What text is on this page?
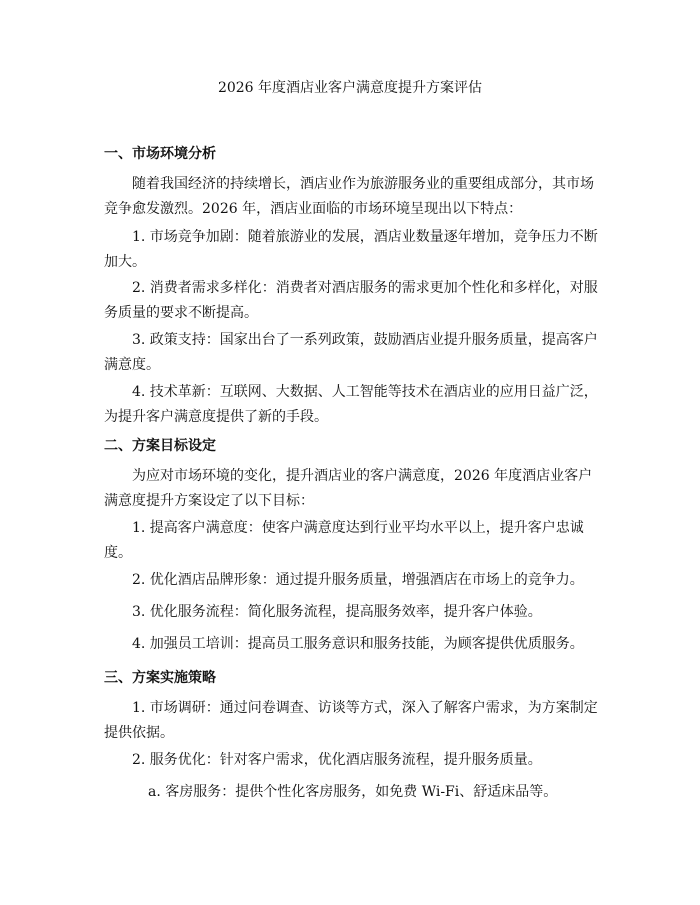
2026 年度酒店业客户满意度提升方案评估
一、市场环境分析

随着我国经济的持续增长，酒店业作为旅游服务业的重要组成部分，其市场竞争愈发激烈。2026 年，酒店业面临的市场环境呈现出以下特点：

1. 市场竞争加剧：随着旅游业的发展，酒店业数量逐年增加，竞争压力不断加大。

2. 消费者需求多样化：消费者对酒店服务的需求更加个性化和多样化，对服务质量的要求不断提高。

3. 政策支持：国家出台了一系列政策，鼓励酒店业提升服务质量，提高客户满意度。

4. 技术革新：互联网、大数据、人工智能等技术在酒店业的应用日益广泛，为提升客户满意度提供了新的手段。

二、方案目标设定

为应对市场环境的变化，提升酒店业的客户满意度，2026 年度酒店业客户满意度提升方案设定了以下目标：

1. 提高客户满意度：使客户满意度达到行业平均水平以上，提升客户忠诚度。

2. 优化酒店品牌形象：通过提升服务质量，增强酒店在市场上的竞争力。

3. 优化服务流程：简化服务流程，提高服务效率，提升客户体验。

4. 加强员工培训：提高员工服务意识和服务技能，为顾客提供优质服务。

三、方案实施策略

1. 市场调研：通过问卷调查、访谈等方式，深入了解客户需求，为方案制定提供依据。

2. 服务优化：针对客户需求，优化酒店服务流程，提升服务质量。

a. 客房服务：提供个性化客房服务，如免费 Wi-Fi、舒适床品等。
